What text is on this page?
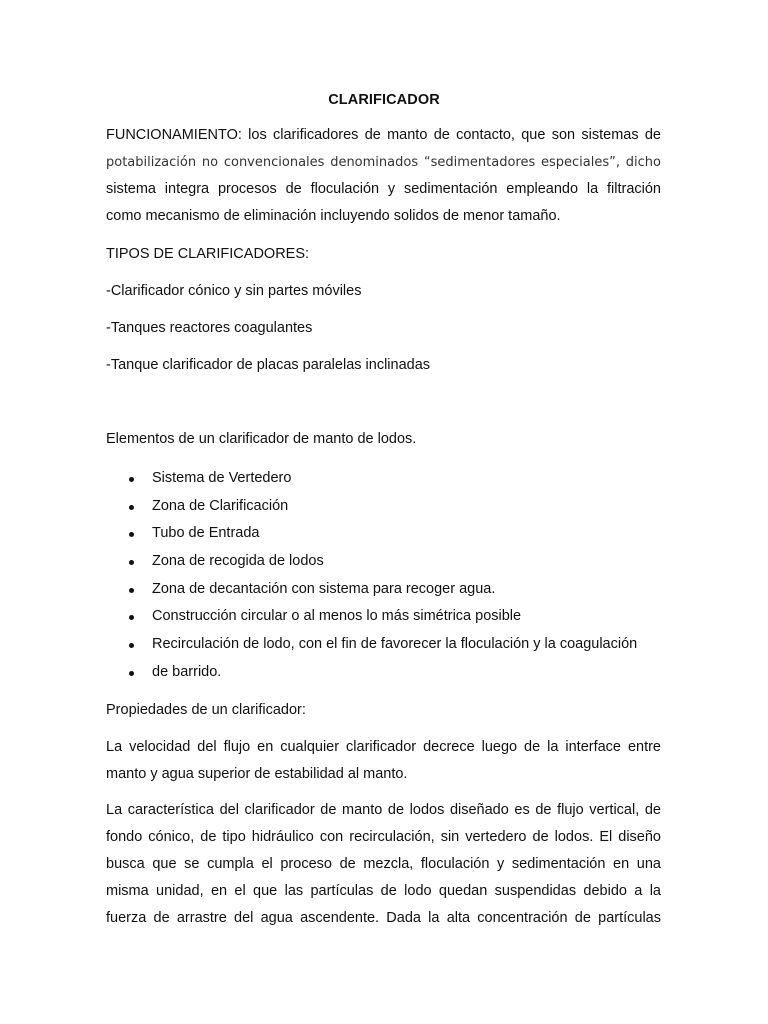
CLARIFICADOR
FUNCIONAMIENTO: los clarificadores de manto de contacto, que son sistemas de
potabilización no convencionales denominados “sedimentadores especiales”, dicho
sistema integra procesos de floculación y sedimentación empleando la filtración
como mecanismo de eliminación incluyendo solidos de menor tamaño.
TIPOS DE CLARIFICADORES:
-Clarificador cónico y sin partes móviles
-Tanques reactores coagulantes
-Tanque clarificador de placas paralelas inclinadas
Elementos de un clarificador de manto de lodos.
Sistema de Vertedero
Zona de Clarificación
Tubo de Entrada
Zona de recogida de lodos
Zona de decantación con sistema para recoger agua.
Construcción circular o al menos lo más simétrica posible
Recirculación de lodo, con el fin de favorecer la floculación y la coagulación
de barrido.
Propiedades de un clarificador:
La velocidad del flujo en cualquier clarificador decrece luego de la interface entre
manto y agua superior de estabilidad al manto.
La característica del clarificador de manto de lodos diseñado es de flujo vertical, de
fondo cónico, de tipo hidráulico con recirculación, sin vertedero de lodos. El diseño
busca que se cumpla el proceso de mezcla, floculación y sedimentación en una
misma unidad, en el que las partículas de lodo quedan suspendidas debido a la
fuerza de arrastre del agua ascendente. Dada la alta concentración de partículas
